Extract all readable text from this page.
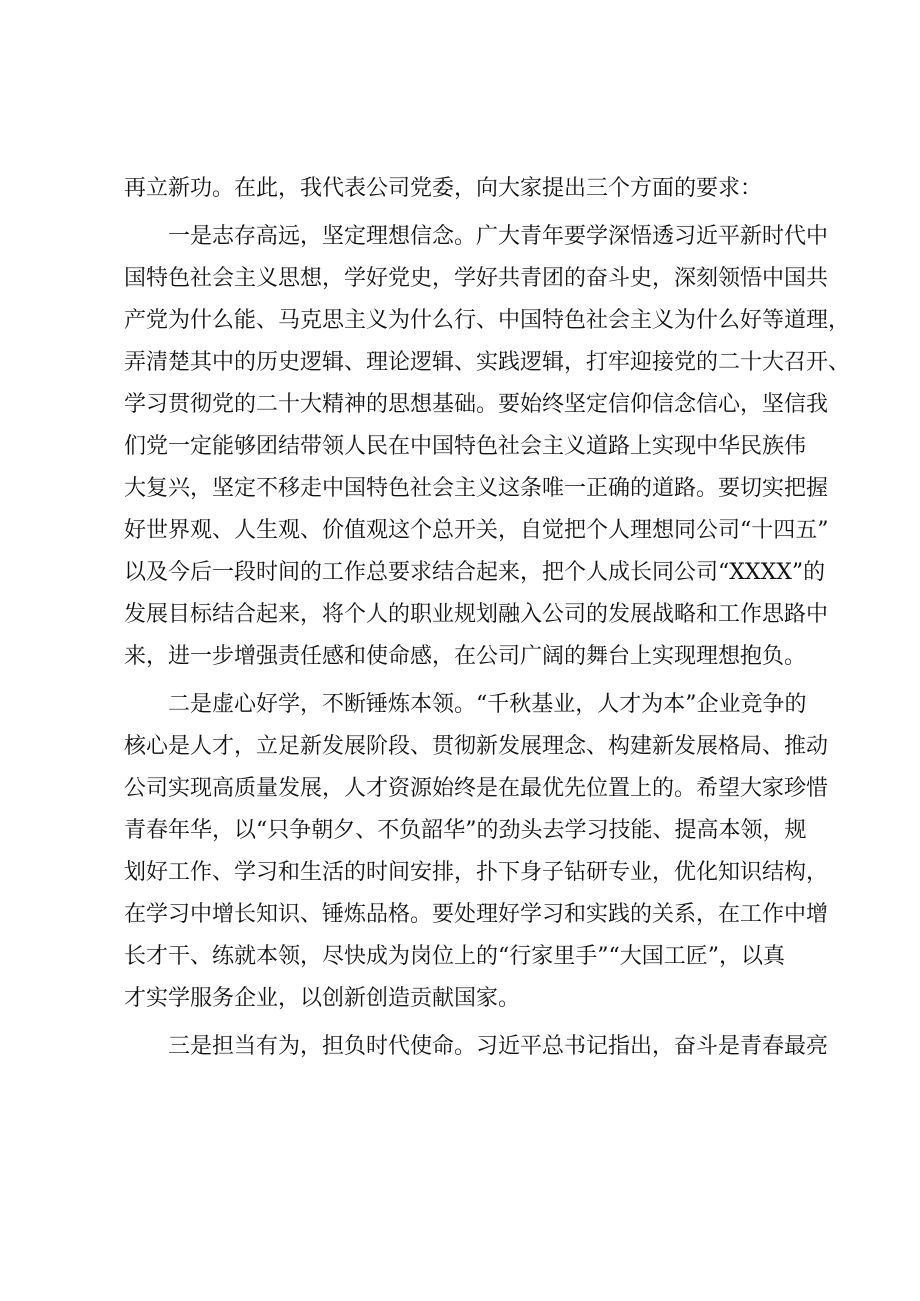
再立新功。在此，我代表公司党委，向大家提出三个方面的要求：
一是志存高远，坚定理想信念。广大青年要学深悟透习近平新时代中
国特色社会主义思想，学好党史，学好共青团的奋斗史，深刻领悟中国共
产党为什么能、马克思主义为什么行、中国特色社会主义为什么好等道理，
弄清楚其中的历史逻辑、理论逻辑、实践逻辑，打牢迎接党的二十大召开、
学习贯彻党的二十大精神的思想基础。要始终坚定信仰信念信心，坚信我
们党一定能够团结带领人民在中国特色社会主义道路上实现中华民族伟
大复兴，坚定不移走中国特色社会主义这条唯一正确的道路。要切实把握
好世界观、人生观、价值观这个总开关，自觉把个人理想同公司“十四五”
以及今后一段时间的工作总要求结合起来，把个人成长同公司“XXXX”的
发展目标结合起来，将个人的职业规划融入公司的发展战略和工作思路中
来，进一步增强责任感和使命感，在公司广阔的舞台上实现理想抱负。
二是虚心好学，不断锤炼本领。“千秋基业，人才为本”企业竞争的
核心是人才，立足新发展阶段、贯彻新发展理念、构建新发展格局、推动
公司实现高质量发展，人才资源始终是在最优先位置上的。希望大家珍惜
青春年华，以“只争朝夕、不负韶华”的劲头去学习技能、提高本领，规
划好工作、学习和生活的时间安排，扑下身子钻研专业，优化知识结构，
在学习中增长知识、锤炼品格。要处理好学习和实践的关系，在工作中增
长才干、练就本领，尽快成为岗位上的“行家里手”“大国工匠”，以真
才实学服务企业，以创新创造贡献国家。
三是担当有为，担负时代使命。习近平总书记指出，奋斗是青春最亮
